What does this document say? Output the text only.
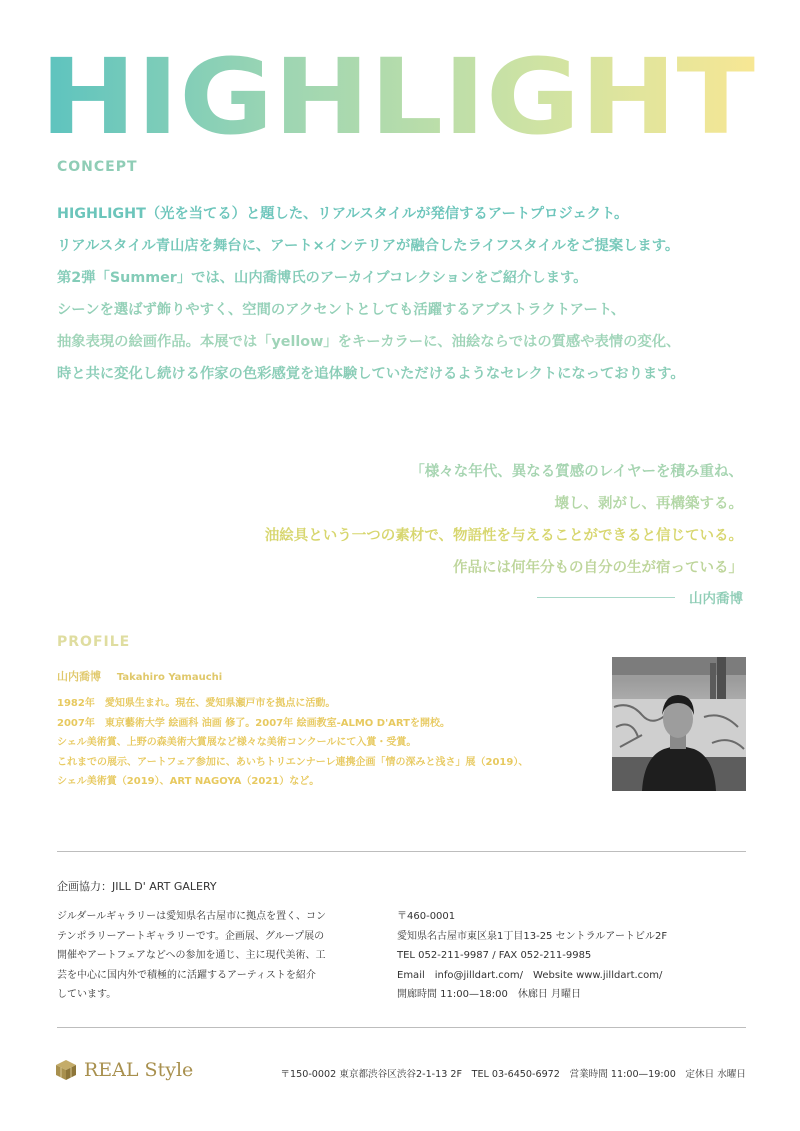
HIGHLIGHT
CONCEPT
HIGHLIGHT（光を当てる）と題した、リアルスタイルが発信するアートプロジェクト。
リアルスタイル青山店を舞台に、アート×インテリアが融合したライフスタイルをご提案します。
第2弾「Summer」では、山内喬博氏のアーカイブコレクションをご紹介します。
シーンを選ばず飾りやすく、空間のアクセントとしても活躍するアブストラクトアート、
抽象表現の絵画作品。本展では「yellow」をキーカラーに、油絵ならではの質感や表情の変化、
時と共に変化し続ける作家の色彩感覚を追体験していただけるようなセレクトになっております。
「様々な年代、異なる質感のレイヤーを積み重ね、
壊し、剥がし、再構築する。
油絵具という一つの素材で、物語性を与えることができると信じている。
作品には何年分もの自分の生が宿っている」
山内喬博
PROFILE
山内喬博 Takahiro Yamauchi
1982年　愛知県生まれ。現在、愛知県瀬戸市を拠点に活動。
2007年　東京藝術大学 絵画科 油画 修了。2007年 絵画教室-ALMO D'ARTを開校。
シェル美術賞、上野の森美術大賞展など様々な美術コンクールにて入賞・受賞。
これまでの展示、アートフェア参加に、あいちトリエンナーレ連携企画「情の深みと浅さ」展（2019）、
シェル美術賞（2019）、ART NAGOYA（2021）など。
企画協力：JILL D' ART GALERY
ジルダールギャラリーは愛知県名古屋市に拠点を置く、コン
テンポラリーアートギャラリーです。企画展、グループ展の
開催やアートフェアなどへの参加を通じ、主に現代美術、工
芸を中心に国内外で積極的に活躍するアーティストを紹介
しています。
〒460-0001
愛知県名古屋市東区泉1丁目13-25 セントラルアートビル2F
TEL 052-211-9987 / FAX 052-211-9985
Email　info@jilldart.com/　Website www.jilldart.com/
開廊時間 11:00—18:00　休廊日 月曜日
REAL Style	〒150-0002 東京都渋谷区渋谷2-1-13 2F　TEL 03-6450-6972　営業時間 11:00—19:00　定休日 水曜日
